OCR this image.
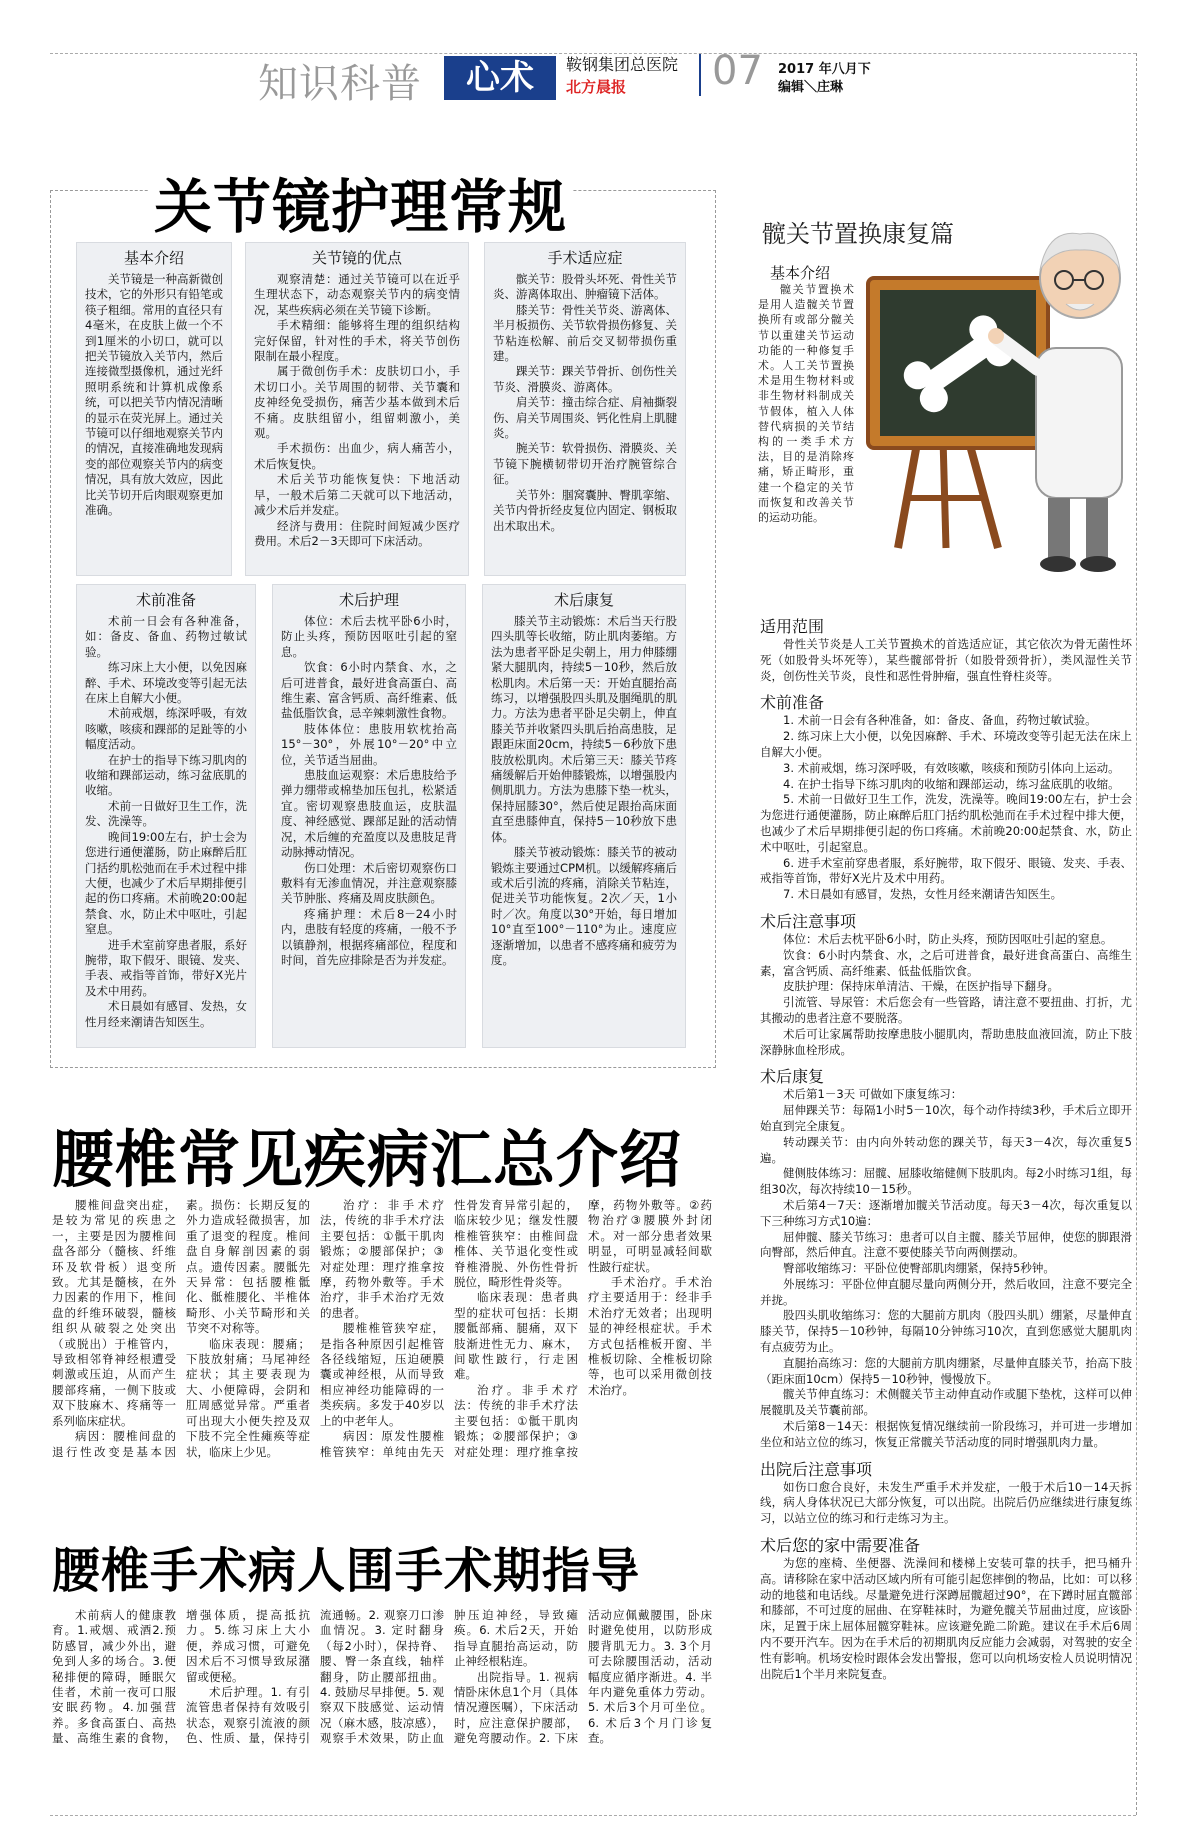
知识科普	心术	鞍钢集团总医院
北方晨报 07 2017 年八月下
编辑＼庄琳
关节镜护理常规
基本介绍

关节镜是一种高新微创技术，它的外形只有铅笔或筷子粗细。常用的直径只有4毫米，在皮肤上做一个不到1厘米的小切口，就可以把关节镜放入关节内，然后连接微型摄像机，通过光纤照明系统和计算机成像系统，可以把关节内情况清晰的显示在荧光屏上。通过关节镜可以仔细地观察关节内的情况，直接准确地发现病变的部位观察关节内的病变情况，具有放大效应，因此比关节切开后肉眼观察更加准确。

关节镜的优点

观察清楚：通过关节镜可以在近乎生理状态下，动态观察关节内的病变情况，某些疾病必须在关节镜下诊断。

手术精细：能够将生理的组织结构完好保留，针对性的手术，将关节创伤限制在最小程度。

属于微创伤手术：皮肤切口小，手术切口小。关节周围的韧带、关节囊和皮神经免受损伤，痛苦少基本做到术后不痛。皮肤组留小，组留刺激小，美观。

手术损伤：出血少，病人痛苦小，术后恢复快。

术后关节功能恢复快：下地活动早，一般术后第二天就可以下地活动，减少术后并发症。

经济与费用：住院时间短减少医疗费用。术后2－3天即可下床活动。

手术适应症

髌关节：股骨头坏死、骨性关节炎、游离体取出、肿瘤镜下活体。

膝关节：骨性关节炎、游离体、半月板损伤、关节软骨损伤修复、关节粘连松解、前后交叉韧带损伤重建。

踝关节：踝关节骨折、创伤性关节炎、滑膜炎、游离体。

肩关节：撞击综合症、肩袖撕裂伤、肩关节周围炎、钙化性肩上肌腱炎。

腕关节：软骨损伤、滑膜炎、关节镜下腕横韧带切开治疗腕管综合征。

关节外：腘窝囊肿、臀肌挛缩、关节内骨折经皮复位内固定、钢板取出术取出术。

术前准备

术前一日会有各种准备，如：备皮、备血、药物过敏试验。

练习床上大小便，以免因麻醉、手术、环境改变等引起无法在床上自解大小便。

术前戒烟，练深呼吸，有效咳嗽，咳痰和踝部的足趾等的小幅度活动。

在护士的指导下练习肌肉的收缩和踝部运动，练习盆底肌的收缩。

术前一日做好卫生工作，洗发、洗澡等。

晚间19:00左右，护士会为您进行通便灌肠，防止麻醉后肛门括约肌松弛而在手术过程中排大便，也减少了术后早期排便引起的伤口疼痛。术前晚20:00起禁食、水，防止术中呕吐，引起窒息。

进手术室前穿患者服，系好腕带，取下假牙、眼镜、发夹、手表、戒指等首饰，带好X光片及术中用药。

术日晨如有感冒、发热，女性月经来潮请告知医生。

术后护理

体位：术后去枕平卧6小时，防止头疼，预防因呕吐引起的窒息。

饮食：6小时内禁食、水，之后可进普食，最好进食高蛋白、高维生素、富含钙质、高纤维素、低盐低脂饮食，忌辛辣刺激性食物。

肢体体位：患肢用软枕抬高15°－30°，外展10°－20°中立位，关节适当屈曲。

患肢血运观察：术后患肢给予弹力绷带或棉垫加压包扎，松紧适宜。密切观察患肢血运，皮肤温度、神经感觉、踝部足趾的活动情况，术后缠的充盈度以及患肢足背动脉搏动情况。

伤口处理：术后密切观察伤口敷料有无渗血情况，并注意观察膝关节肿胀、疼痛及周皮肤颜色。

疼痛护理：术后8－24小时内，患肢有轻度的疼痛，一般不予以镇静剂，根据疼痛部位，程度和时间，首先应排除是否为并发症。

术后康复

膝关节主动锻炼：术后当天行股四头肌等长收缩，防止肌肉萎缩。方法为患者平卧足尖朝上，用力伸膝绷紧大腿肌肉，持续5－10秒，然后放松肌肉。术后第一天：开始直腿抬高练习，以增强股四头肌及腘绳肌的肌力。方法为患者平卧足尖朝上，伸直膝关节并收紧四头肌后抬高患肢，足跟距床面20cm，持续5－6秒放下患肢放松肌肉。术后第三天：膝关节疼痛缓解后开始伸膝锻炼，以增强股内侧肌肌力。方法为患膝下垫一枕头，保持屈膝30°，然后使足跟抬高床面直至患膝伸直，保持5－10秒放下患体。

膝关节被动锻炼：膝关节的被动锻炼主要通过CPM机。以缓解疼痛后或术后引流的疼痛，消除关节粘连，促进关节功能恢复。2次／天，1小时／次。角度以30°开始，每日增加10°直至100°－110°为止。速度应逐渐增加，以患者不感疼痛和疲劳为度。

腰椎常见疾病汇总介绍

腰椎间盘突出症，是较为常见的疾患之一，主要是因为腰椎间盘各部分（髓核、纤维环及软骨板）退变所致。尤其是髓核，在外力因素的作用下，椎间盘的纤维环破裂，髓核组织从破裂之处突出（或脱出）于椎管内，导致相邻脊神经根遭受刺激或压迫，从而产生腰部疼痛，一侧下肢或双下肢麻木、疼痛等一系列临床症状。

病因：腰椎间盘的退行性改变是基本因素。损伤：长期反复的外力造成轻微损害，加重了退变的程度。椎间盘自身解剖因素的弱点。遗传因素。腰骶先天异常：包括腰椎骶化、骶椎腰化、半椎体畸形、小关节畸形和关节突不对称等。

临床表现：腰痛；下肢放射痛；马尾神经症状；其主要表现为大、小便障碍，会阴和肛周感觉异常。严重者可出现大小便失控及双下肢不完全性瘫痪等症状，临床上少见。

治疗：非手术疗法，传统的非手术疗法主要包括：①骶干肌肉锻炼；②腰部保护；③对症处理：理疗推拿按摩，药物外敷等。手术治疗，非手术治疗无效的患者。

腰椎椎管狭窄症，是指各种原因引起椎管各径线缩短，压迫硬膜囊或神经根，从而导致相应神经功能障碍的一类疾病。多发于40岁以上的中老年人。

病因：原发性腰椎椎管狭窄：单纯由先天性骨发育异常引起的，临床较少见；继发性腰椎椎管狭窄：由椎间盘椎体、关节退化变性或脊椎滑脱、外伤性骨折脱位，畸形性骨炎等。

临床表现：患者典型的症状可包括：长期腰骶部痛、腿痛，双下肢渐进性无力、麻木，间歇性跛行，行走困难。

治疗。非手术疗法：传统的非手术疗法主要包括：①骶干肌肉锻炼；②腰部保护；③对症处理：理疗推拿按摩，药物外敷等。②药物治疗③腰膜外封闭术。对一部分患者效果明显，可明显减轻间歇性跛行症状。

手术治疗。手术治疗主要适用于：经非手术治疗无效者；出现明显的神经根症状。手术方式包括椎板开窗、半椎板切除、全椎板切除等，也可以采用微创技术治疗。

腰椎手术病人围手术期指导

术前病人的健康教育。1.戒烟、戒酒2.预防感冒，减少外出，避免到人多的场合。3.便秘排便的障碍，睡眠欠佳者，术前一夜可口服安眠药物。4.加强营养。多食高蛋白、高热量、高维生素的食物，增强体质，提高抵抗力。5.练习床上大小便，养成习惯，可避免因术后不习惯导致尿潴留或便秘。

术后护理。1. 有引流管患者保持有效吸引状态，观察引流液的颜色、性质、量，保持引流通畅。2. 观察刀口渗血情况。3. 定时翻身（每2小时），保持脊、腰、臀一条直线，轴样翻身，防止腰部扭曲。4. 鼓励尽早排便。5. 观察双下肢感觉、运动情况（麻木感，肢凉感），观察手术效果，防止血肿压迫神经，导致瘫痪。6. 术后2天，开始指导直腿抬高运动，防止神经根粘连。

出院指导。1. 视病情卧床休息1个月（具体情况遵医嘱），下床活动时，应注意保护腰部，避免弯腰动作。2. 下床活动应佩戴腰围，卧床时避免使用，以防形成腰背肌无力。3. 3个月可去除腰围活动，活动幅度应循序渐进。4. 半年内避免重体力劳动。5. 术后3个月可坐位。6. 术后3个月门诊复查。

髋关节置换康复篇
基本介绍

髋关节置换术是用人造髋关节置换所有或部分髋关节以重建关节运动功能的一种修复手术。人工关节置换术是用生物材料或非生物材料制成关节假体，植入人体替代病损的关节结构的一类手术方法，目的是消除疼痛，矫正畸形，重建一个稳定的关节而恢复和改善关节的运动功能。

适用范围

骨性关节炎是人工关节置换术的首选适应证，其它依次为骨无菌性坏死（如股骨头坏死等），某些髋部骨折（如股骨颈骨折），类风湿性关节炎，创伤性关节炎，良性和恶性骨肿瘤，强直性脊柱炎等。

术前准备

1. 术前一日会有各种准备，如：备皮、备血，药物过敏试验。

2. 练习床上大小便，以免因麻醉、手术、环境改变等引起无法在床上自解大小便。

3. 术前戒烟，练习深呼吸，有效咳嗽，咳痰和预防引体向上运动。

4. 在护士指导下练习肌肉的收缩和踝部运动，练习盆底肌的收缩。

5. 术前一日做好卫生工作，洗发，洗澡等。晚间19:00左右，护士会为您进行通便灌肠，防止麻醉后肛门括约肌松弛而在手术过程中排大便，也减少了术后早期排便引起的伤口疼痛。术前晚20:00起禁食、水，防止术中呕吐，引起窒息。

6. 进手术室前穿患者服，系好腕带，取下假牙、眼镜、发夹、手表、戒指等首饰，带好X光片及术中用药。

7. 术日晨如有感冒，发热，女性月经来潮请告知医生。

术后注意事项

体位：术后去枕平卧6小时，防止头疼，预防因呕吐引起的窒息。

饮食：6小时内禁食、水，之后可进普食，最好进食高蛋白、高维生素，富含钙质、高纤维素、低盐低脂饮食。

皮肤护理：保持床单清洁、干燥，在医护指导下翻身。

引流管、导尿管：术后您会有一些管路，请注意不要扭曲、打折，尤其搬动的患者注意不要脱落。

术后可让家属帮助按摩患肢小腿肌肉，帮助患肢血液回流，防止下肢深静脉血栓形成。

术后康复

术后第1－3天 可做如下康复练习：

屈伸踝关节：每隔1小时5－10次，每个动作持续3秒，手术后立即开始直到完全康复。

转动踝关节：由内向外转动您的踝关节，每天3－4次，每次重复5遍。

健侧肢体练习：屈髋、屈膝收缩健侧下肢肌肉。每2小时练习1组，每组30次，每次持续10－15秒。

术后第4－7天：逐渐增加髋关节活动度。每天3－4次，每次重复以下三种练习方式10遍：

屈伸髋、膝关节练习：患者可以自主髋、膝关节屈伸，使您的脚跟滑向臀部，然后伸直。注意不要使膝关节向两侧摆动。

臀部收缩练习：平卧位使臀部肌肉绷紧，保持5秒钟。

外展练习：平卧位伸直腿尽量向两侧分开，然后收回，注意不要完全并拢。

股四头肌收缩练习：您的大腿前方肌肉（股四头肌）绷紧，尽量伸直膝关节，保持5－10秒钟，每隔10分钟练习10次，直到您感觉大腿肌肉有点疲劳为止。

直腿抬高练习：您的大腿前方肌肉绷紧，尽量伸直膝关节，抬高下肢（距床面10cm）保持5－10秒钟，慢慢放下。

髋关节伸直练习：术侧髋关节主动伸直动作或腿下垫枕，这样可以伸展髋肌及关节囊前部。

术后第8－14天：根据恢复情况继续前一阶段练习，并可进一步增加坐位和站立位的练习，恢复正常髋关节活动度的同时增强肌肉力量。

出院后注意事项

如伤口愈合良好，未发生严重手术并发症，一般于术后10－14天拆线，病人身体状况已大部分恢复，可以出院。出院后仍应继续进行康复练习，以站立位的练习和行走练习为主。

术后您的家中需要准备

为您的座椅、坐便器、洗澡间和楼梯上安装可靠的扶手，把马桶升高。请移除在家中活动区域内所有可能引起您摔倒的物品，比如：可以移动的地毯和电话线。尽量避免进行深蹲屈髋超过90°，在下蹲时屈直髋部和膝部，不可过度的屈曲、在穿鞋袜时，为避免髋关节屈曲过度，应该卧床，足置于床上屈体屈髋穿鞋袜。应该避免跪二阶跪。建议在手术后6周内不要开汽车。因为在手术后的初期肌肉反应能力会减弱，对驾驶的安全性有影响。机场安检时跟体会发出警报，您可以向机场安检人员说明情况出院后1个半月来院复查。
